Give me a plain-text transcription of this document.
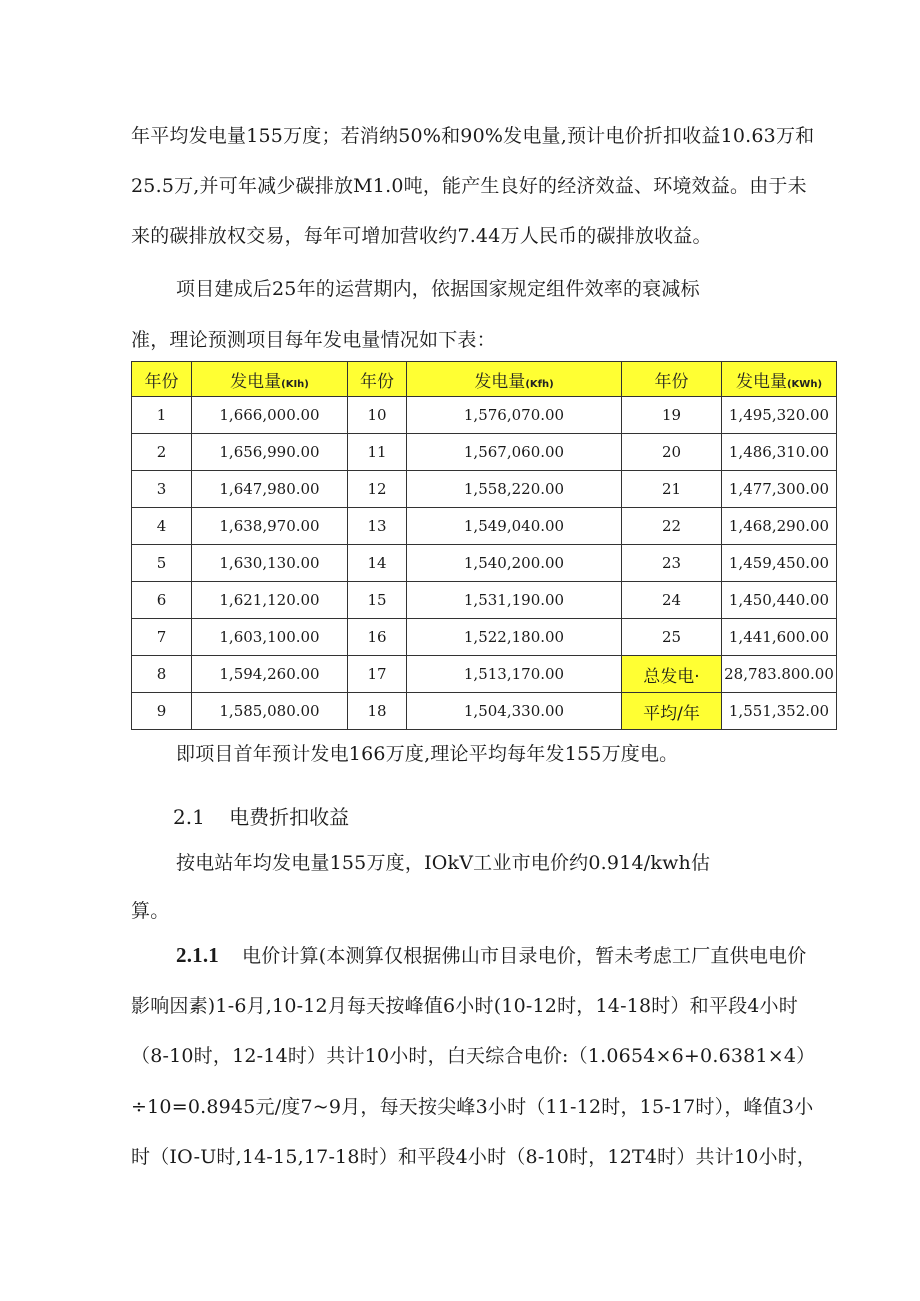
年平均发电量155万度；若消纳50%和90%发电量,预计电价折扣收益10.63万和
25.5万,并可年减少碳排放M1.0吨，能产生良好的经济效益、环境效益。由于未
来的碳排放权交易，每年可增加营收约7.44万人民币的碳排放收益。
项目建成后25年的运营期内，依据国家规定组件效率的衰减标
准，理论预测项目每年发电量情况如下表：
年份	发电量(KIh)	年份	发电量(Kfh)	年份	发电量(KWh)
1	1,666,000.00	10	1,576,070.00	19	1,495,320.00
2	1,656,990.00	11	1,567,060.00	20	1,486,310.00
3	1,647,980.00	12	1,558,220.00	21	1,477,300.00
4	1,638,970.00	13	1,549,040.00	22	1,468,290.00
5	1,630,130.00	14	1,540,200.00	23	1,459,450.00
6	1,621,120.00	15	1,531,190.00	24	1,450,440.00
7	1,603,100.00	16	1,522,180.00	25	1,441,600.00
8	1,594,260.00	17	1,513,170.00	总发电·	28,783.800.00
9	1,585,080.00	18	1,504,330.00	平均/年	1,551,352.00
即项目首年预计发电166万度,理论平均每年发155万度电。
2.1 电费折扣收益
按电站年均发电量155万度，IOkV工业市电价约0.914/kwh估
算。
2.1.1 电价计算(本测算仅根据佛山市目录电价，暂未考虑工厂直供电电价
影响因素)1-6月,10-12月每天按峰值6小时(10-12时，14-18时）和平段4小时
（8-10时，12-14时）共计10小时，白天综合电价:（1.0654×6+0.6381×4）
÷10=0.8945元/度7~9月，每天按尖峰3小时（11-12时，15-17时），峰值3小
时（IO-U时,14-15,17-18时）和平段4小时（8-10时，12T4时）共计10小时，
